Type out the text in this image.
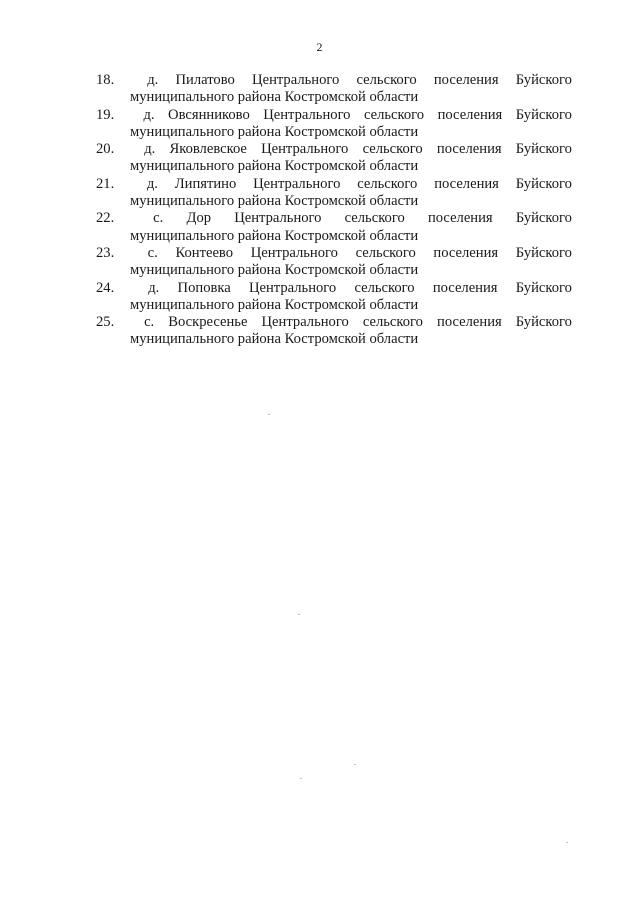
2
18.	д. Пилатово Центрального сельского поселения Буйского
муниципального района Костромской области
19.	д. Овсянниково Центрального сельского поселения Буйского
муниципального района Костромской области
20.	д. Яковлевское Центрального сельского поселения Буйского
муниципального района Костромской области
21.	д. Липятино Центрального сельского поселения Буйского
муниципального района Костромской области
22.	с. Дор Центрального сельского поселения Буйского
муниципального района Костромской области
23.	с. Контеево Центрального сельского поселения Буйского
муниципального района Костромской области
24.	д. Поповка Центрального сельского поселения Буйского
муниципального района Костромской области
25.	с. Воскресенье Центрального сельского поселения Буйского
муниципального района Костромской области
